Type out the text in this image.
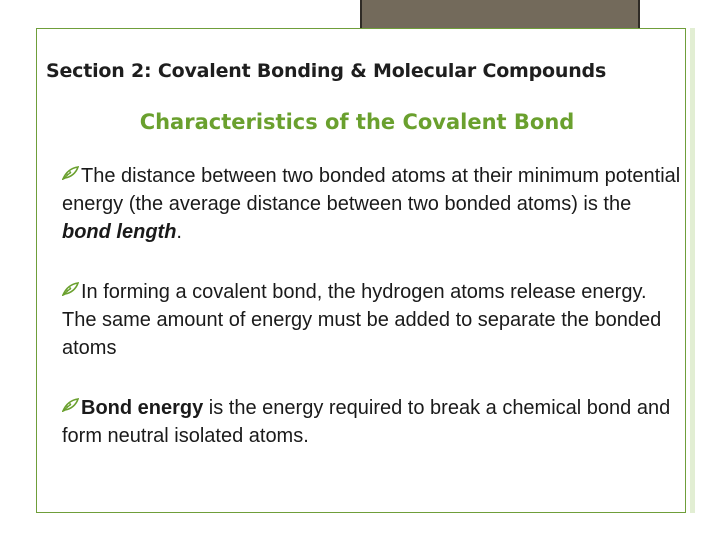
Section 2: Covalent Bonding & Molecular Compounds
Characteristics of the Covalent Bond
The distance between two bonded atoms at their minimum potential energy (the average distance between two bonded atoms) is the bond length.
In forming a covalent bond, the hydrogen atoms release energy. The same amount of energy must be added to separate the bonded atoms
Bond energy is the energy required to break a chemical bond and form neutral isolated atoms.
